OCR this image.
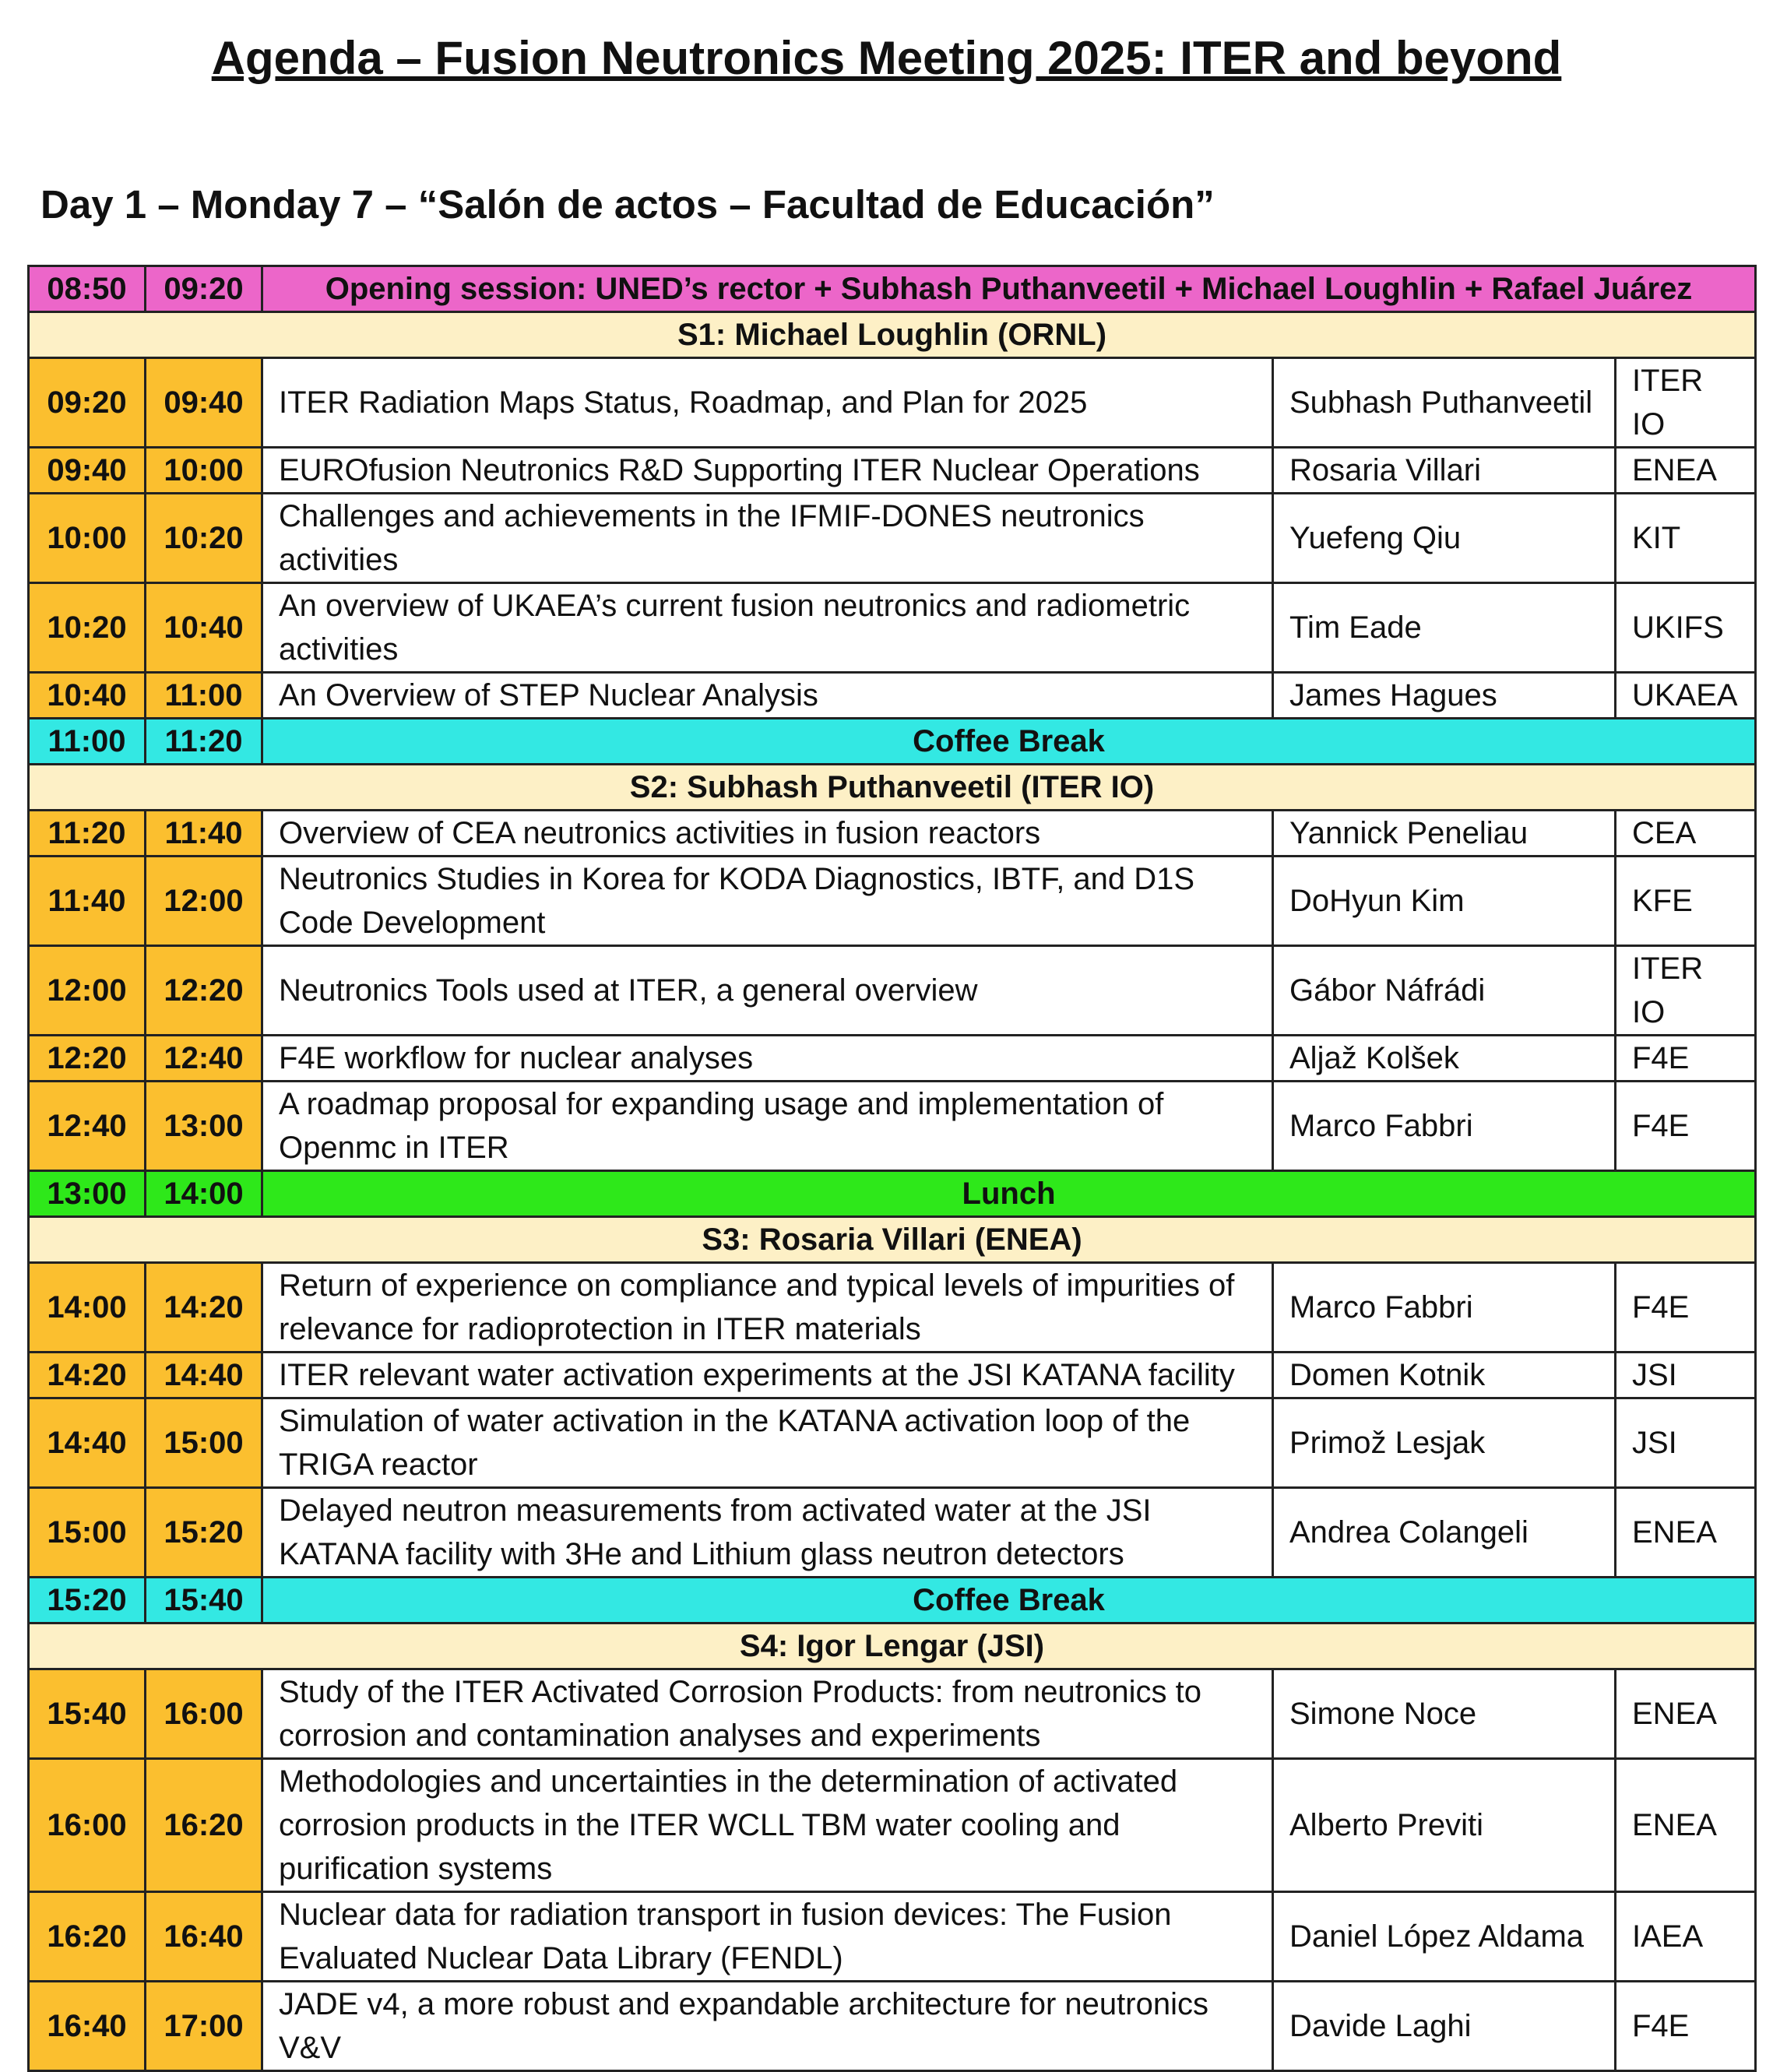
Agenda – Fusion Neutronics Meeting 2025: ITER and beyond
Day 1 – Monday 7 – “Salón de actos – Facultad de Educación”
08:50	09:20	Opening session: UNED’s rector + Subhash Puthanveetil + Michael Loughlin + Rafael Juárez		
S1: Michael Loughlin (ORNL)				
09:20	09:40	ITER Radiation Maps Status, Roadmap, and Plan for 2025	Subhash Puthanveetil	ITER IO
09:40	10:00	EUROfusion Neutronics R&D Supporting ITER Nuclear Operations	Rosaria Villari	ENEA
10:00	10:20	Challenges and achievements in the IFMIF-DONES neutronics activities	Yuefeng Qiu	KIT
10:20	10:40	An overview of UKAEA’s current fusion neutronics and radiometric activities	Tim Eade	UKIFS
10:40	11:00	An Overview of STEP Nuclear Analysis	James Hagues	UKAEA
11:00	11:20	Coffee Break		
S2: Subhash Puthanveetil (ITER IO)				
11:20	11:40	Overview of CEA neutronics activities in fusion reactors	Yannick Peneliau	CEA
11:40	12:00	Neutronics Studies in Korea for KODA Diagnostics, IBTF, and D1S Code Development	DoHyun Kim	KFE
12:00	12:20	Neutronics Tools used at ITER, a general overview	Gábor Náfrádi	ITER IO
12:20	12:40	F4E workflow for nuclear analyses	Aljaž Kolšek	F4E
12:40	13:00	A roadmap proposal for expanding usage and implementation of Openmc in ITER	Marco Fabbri	F4E
13:00	14:00	Lunch		
S3: Rosaria Villari (ENEA)				
14:00	14:20	Return of experience on compliance and typical levels of impurities of relevance for radioprotection in ITER materials	Marco Fabbri	F4E
14:20	14:40	ITER relevant water activation experiments at the JSI KATANA facility	Domen Kotnik	JSI
14:40	15:00	Simulation of water activation in the KATANA activation loop of the TRIGA reactor	Primož Lesjak	JSI
15:00	15:20	Delayed neutron measurements from activated water at the JSI KATANA facility with 3He and Lithium glass neutron detectors	Andrea Colangeli	ENEA
15:20	15:40	Coffee Break		
S4: Igor Lengar (JSI)				
15:40	16:00	Study of the ITER Activated Corrosion Products: from neutronics to corrosion and contamination analyses and experiments	Simone Noce	ENEA
16:00	16:20	Methodologies and uncertainties in the determination of activated corrosion products in the ITER WCLL TBM water cooling and purification systems	Alberto Previti	ENEA
16:20	16:40	Nuclear data for radiation transport in fusion devices: The Fusion Evaluated Nuclear Data Library (FENDL)	Daniel López Aldama	IAEA
16:40	17:00	JADE v4, a more robust and expandable architecture for neutronics V&V	Davide Laghi	F4E
